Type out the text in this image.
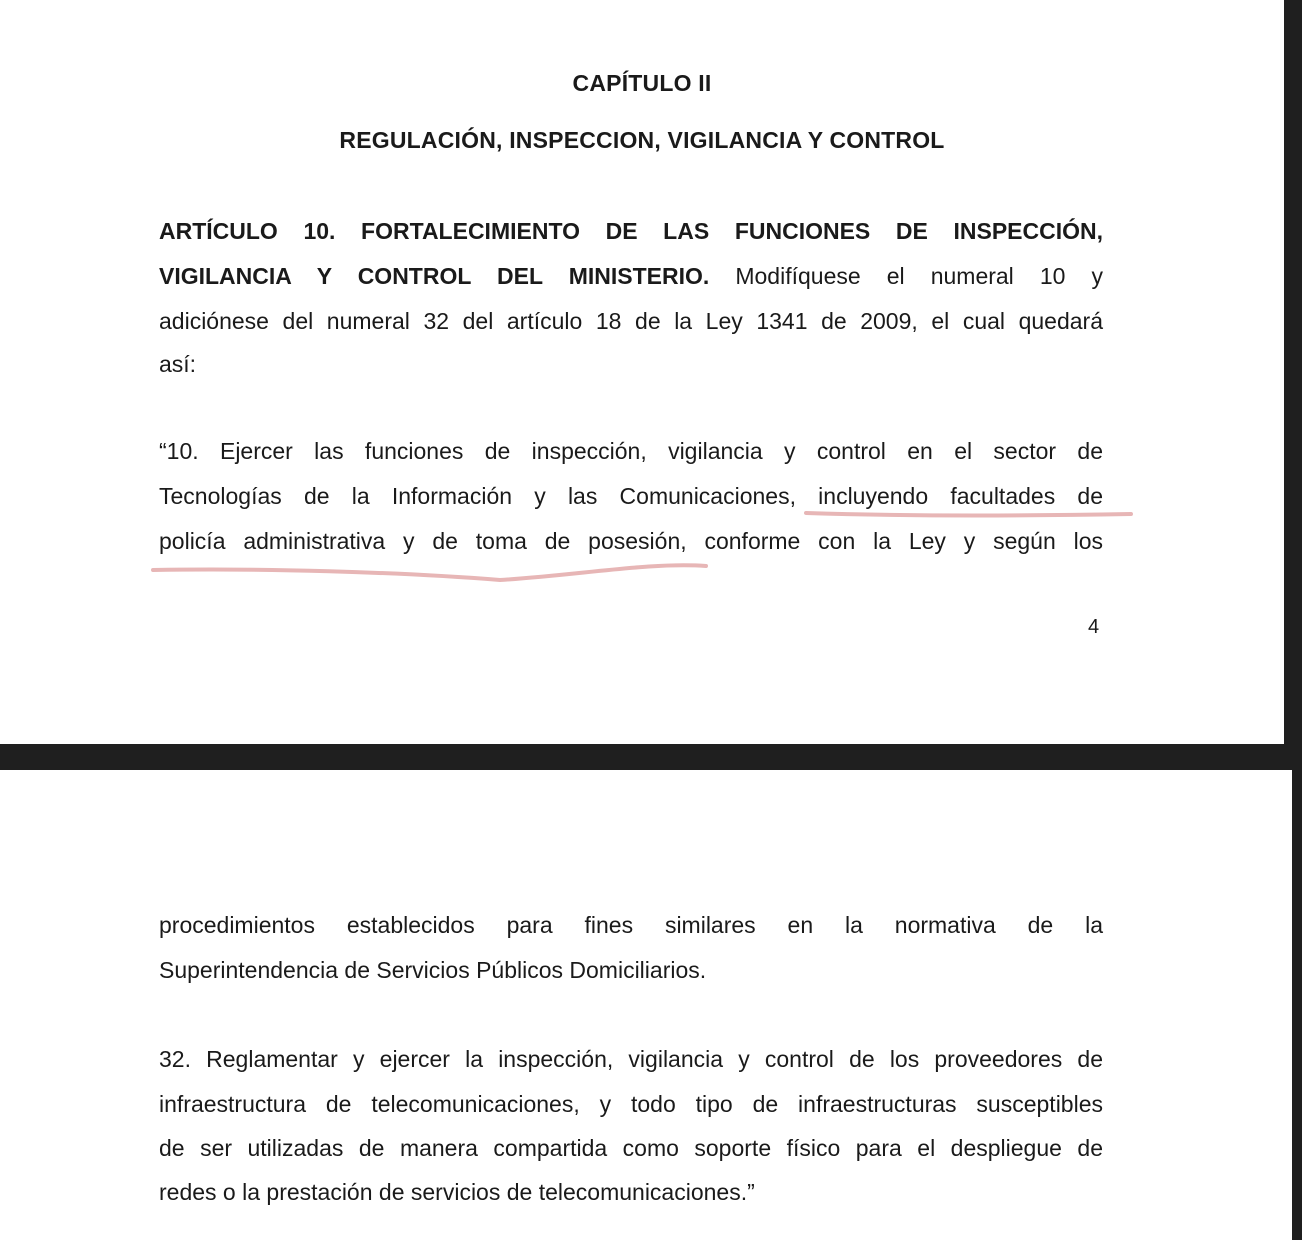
CAPÍTULO II
REGULACIÓN, INSPECCION, VIGILANCIA Y CONTROL
ARTÍCULO 10. FORTALECIMIENTO DE LAS FUNCIONES DE INSPECCIÓN,
VIGILANCIA Y CONTROL DEL MINISTERIO. Modifíquese el numeral 10 y
adiciónese del numeral 32 del artículo 18 de la Ley 1341 de 2009, el cual quedará
así:
“10. Ejercer las funciones de inspección, vigilancia y control en el sector de
Tecnologías de la Información y las Comunicaciones, incluyendo facultades de
policía administrativa y de toma de posesión, conforme con la Ley y según los
4
procedimientos establecidos para fines similares en la normativa de la
Superintendencia de Servicios Públicos Domiciliarios.
32. Reglamentar y ejercer la inspección, vigilancia y control de los proveedores de
infraestructura de telecomunicaciones, y todo tipo de infraestructuras susceptibles
de ser utilizadas de manera compartida como soporte físico para el despliegue de
redes o la prestación de servicios de telecomunicaciones.”
